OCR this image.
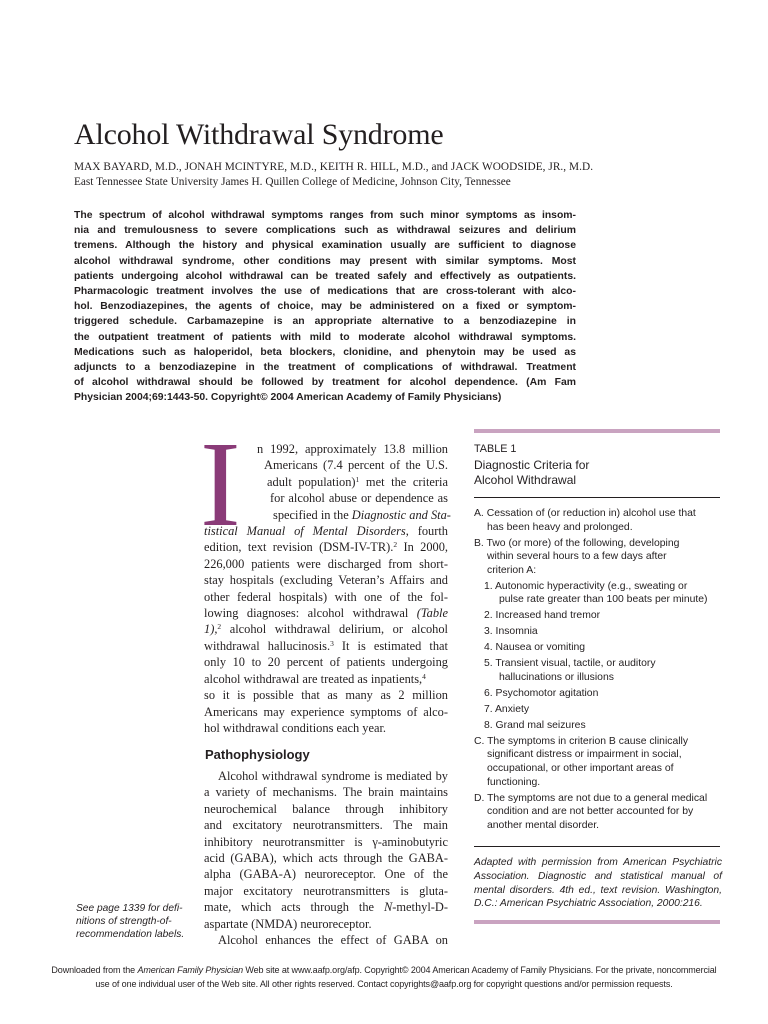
Alcohol Withdrawal Syndrome
MAX BAYARD, M.D., JONAH MCINTYRE, M.D., KEITH R. HILL, M.D., and JACK WOODSIDE, JR., M.D.
East Tennessee State University James H. Quillen College of Medicine, Johnson City, Tennessee
The spectrum of alcohol withdrawal symptoms ranges from such minor symptoms as insom-
nia and tremulousness to severe complications such as withdrawal seizures and delirium
tremens. Although the history and physical examination usually are sufficient to diagnose
alcohol withdrawal syndrome, other conditions may present with similar symptoms. Most
patients undergoing alcohol withdrawal can be treated safely and effectively as outpatients.
Pharmacologic treatment involves the use of medications that are cross-tolerant with alco-
hol. Benzodiazepines, the agents of choice, may be administered on a fixed or symptom-
triggered schedule. Carbamazepine is an appropriate alternative to a benzodiazepine in
the outpatient treatment of patients with mild to moderate alcohol withdrawal symptoms.
Medications such as haloperidol, beta blockers, clonidine, and phenytoin may be used as
adjuncts to a benzodiazepine in the treatment of complications of withdrawal. Treatment
of alcohol withdrawal should be followed by treatment for alcohol dependence. (Am Fam
Physician 2004;69:1443-50. Copyright© 2004 American Academy of Family Physicians)
I	n 1992, approximately 13.8 million
Americans (7.4 percent of the U.S.
adult population)$^1$ met the criteria
for alcohol abuse or dependence as
specified in the Diagnostic and Sta-
tistical Manual of Mental Disorders, fourth
edition, text revision (DSM-IV-TR).$^2$ In 2000,
226,000 patients were discharged from short-
stay hospitals (excluding Veteran’s Affairs and
other federal hospitals) with one of the fol-
lowing diagnoses: alcohol withdrawal (Table
1),$^2$ alcohol withdrawal delirium, or alcohol
withdrawal hallucinosis.$^3$ It is estimated that
only 10 to 20 percent of patients undergoing
alcohol withdrawal are treated as inpatients,$^4$
so it is possible that as many as 2 million
Americans may experience symptoms of alco-
hol withdrawal conditions each year.
Pathophysiology
Alcohol withdrawal syndrome is mediated by
a variety of mechanisms. The brain maintains
neurochemical balance through inhibitory
and excitatory neurotransmitters. The main
inhibitory neurotransmitter is γ-aminobutyric
acid (GABA), which acts through the GABA-
alpha (GABA-A) neuroreceptor. One of the
major excitatory neurotransmitters is gluta-
mate, which acts through the N-methyl-D-
aspartate (NMDA) neuroreceptor.
Alcohol enhances the effect of GABA on
See page 1339 for defi-
nitions of strength-of-
recommendation labels.
TABLE 1
Diagnostic Criteria for
Alcohol Withdrawal
A. Cessation of (or reduction in) alcohol use that
has been heavy and prolonged.
B. Two (or more) of the following, developing
within several hours to a few days after
criterion A:
1. Autonomic hyperactivity (e.g., sweating or
pulse rate greater than 100 beats per minute)
2. Increased hand tremor
3. Insomnia
4. Nausea or vomiting
5. Transient visual, tactile, or auditory
hallucinations or illusions
6. Psychomotor agitation
7. Anxiety
8. Grand mal seizures
C. The symptoms in criterion B cause clinically
significant distress or impairment in social,
occupational, or other important areas of
functioning.
D. The symptoms are not due to a general medical
condition and are not better accounted for by
another mental disorder.
Adapted with permission from American Psychiatric
Association. Diagnostic and statistical manual of
mental disorders. 4th ed., text revision. Washington,
D.C.: American Psychiatric Association, 2000:216.
Downloaded from the American Family Physician Web site at www.aafp.org/afp. Copyright© 2004 American Academy of Family Physicians. For the private, noncommercial
use of one individual user of the Web site. All other rights reserved. Contact copyrights@aafp.org for copyright questions and/or permission requests.
